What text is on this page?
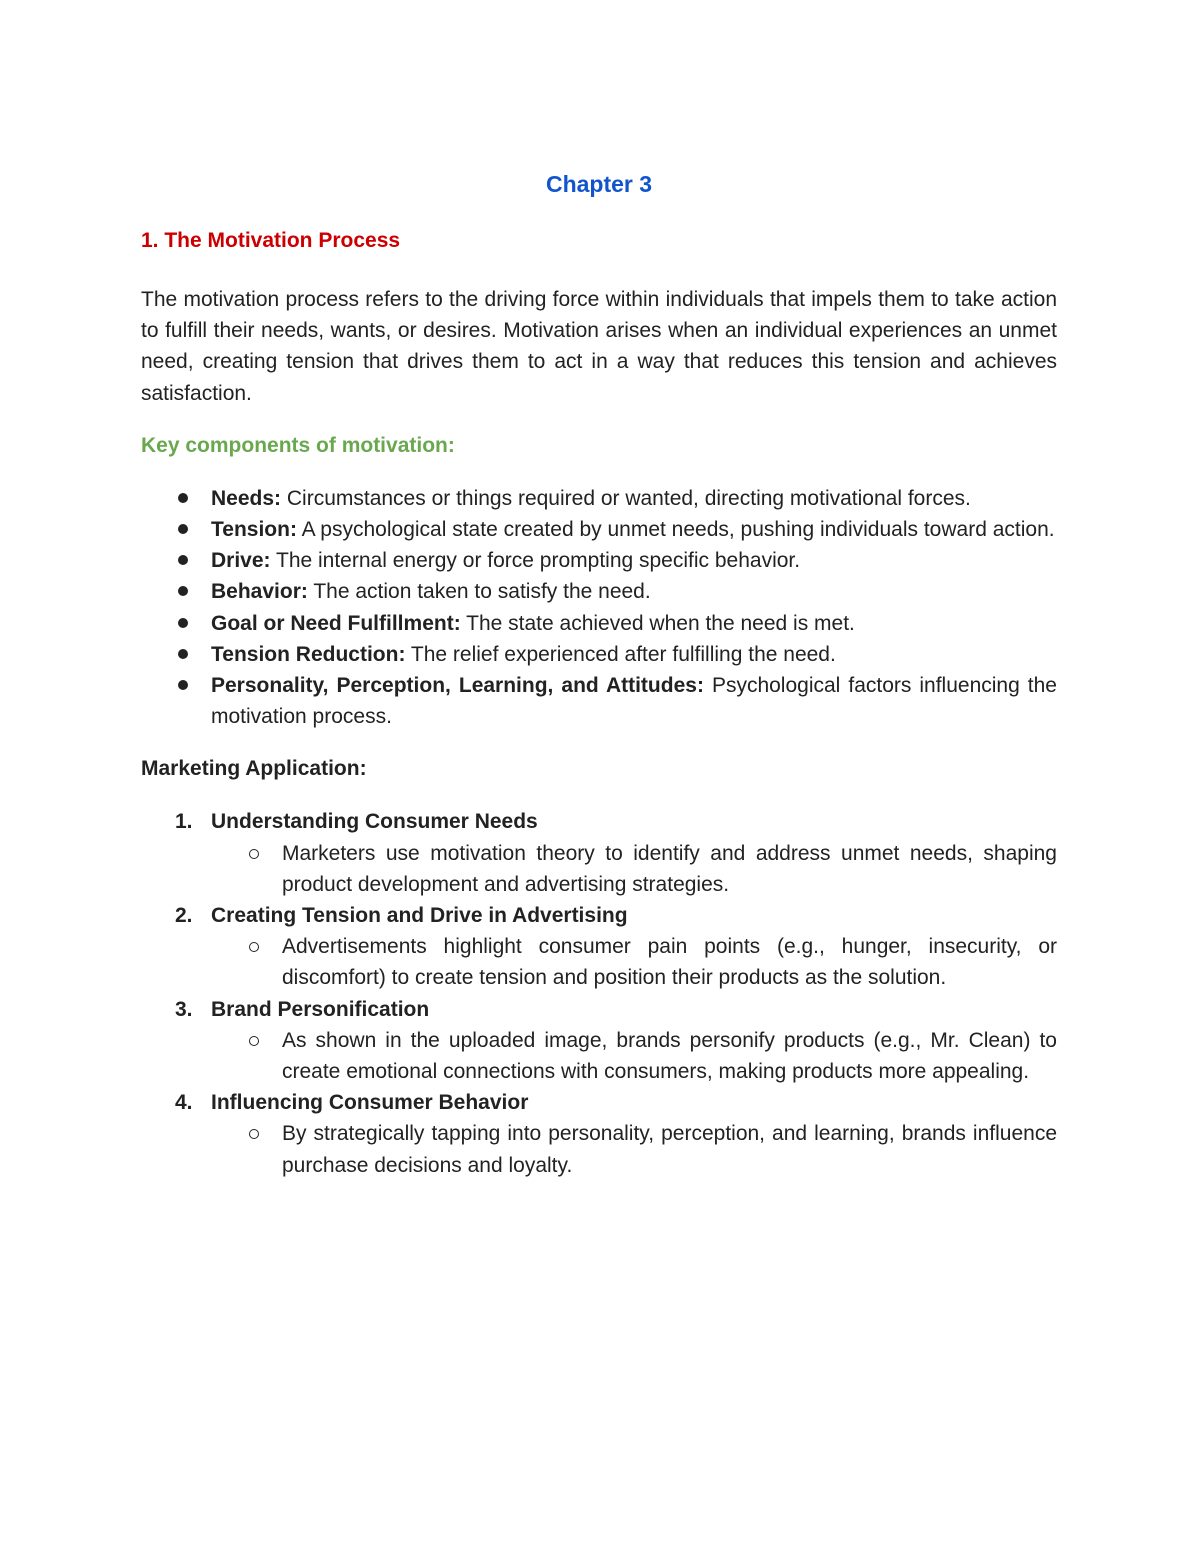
Chapter 3
1. The Motivation Process

The motivation process refers to the driving force within individuals that impels them to take action to fulfill their needs, wants, or desires. Motivation arises when an individual experiences an unmet need, creating tension that drives them to act in a way that reduces this tension and achieves satisfaction.

Key components of motivation:
Needs: Circumstances or things required or wanted, directing motivational forces.
Tension: A psychological state created by unmet needs, pushing individuals toward action.
Drive: The internal energy or force prompting specific behavior.
Behavior: The action taken to satisfy the need.
Goal or Need Fulfillment: The state achieved when the need is met.
Tension Reduction: The relief experienced after fulfilling the need.
Personality, Perception, Learning, and Attitudes: Psychological factors influencing the motivation process.
Marketing Application:
1. Understanding Consumer Needs
Marketers use motivation theory to identify and address unmet needs, shaping product development and advertising strategies.
2. Creating Tension and Drive in Advertising
Advertisements highlight consumer pain points (e.g., hunger, insecurity, or discomfort) to create tension and position their products as the solution.
3. Brand Personification
As shown in the uploaded image, brands personify products (e.g., Mr. Clean) to create emotional connections with consumers, making products more appealing.
4. Influencing Consumer Behavior
By strategically tapping into personality, perception, and learning, brands influence purchase decisions and loyalty.
